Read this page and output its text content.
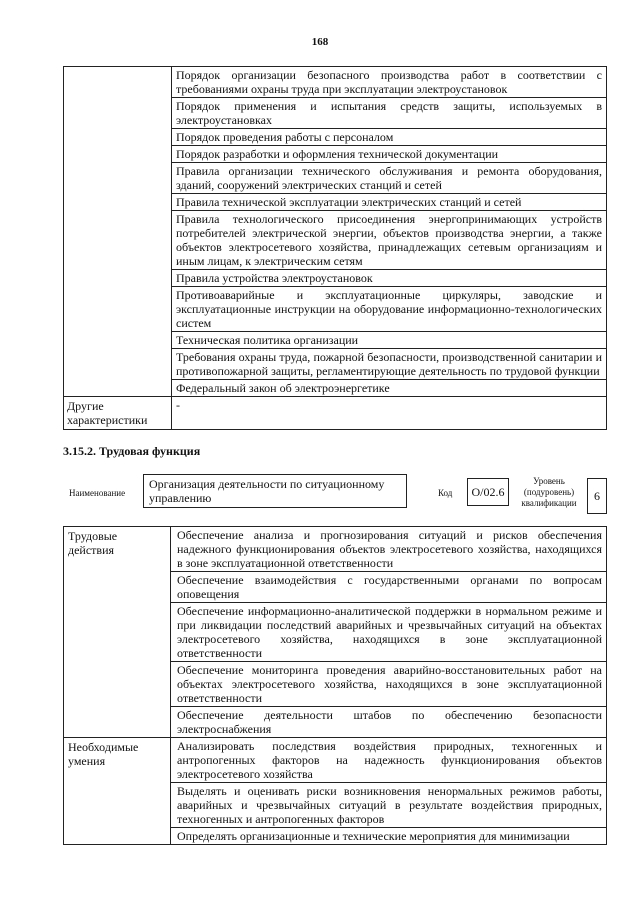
168
	Порядок организации безопасного производства работ в соответствии с требованиями охраны труда при эксплуатации электроустановок
	Порядок применения и испытания средств защиты, используемых в электроустановках
	Порядок проведения работы с персоналом
	Порядок разработки и оформления технической документации
	Правила организации технического обслуживания и ремонта оборудования, зданий, сооружений электрических станций и сетей
	Правила технической эксплуатации электрических станций и сетей
	Правила технологического присоединения энергопринимающих устройств потребителей электрической энергии, объектов производства энергии, а также объектов электросетевого хозяйства, принадлежащих сетевым организациям и иным лицам, к электрическим сетям
	Правила устройства электроустановок
	Противоаварийные и эксплуатационные циркуляры, заводские и эксплуатационные инструкции на оборудование информационно-технологических систем
	Техническая политика организации
	Требования охраны труда, пожарной безопасности, производственной санитарии и противопожарной защиты, регламентирующие деятельность по трудовой функции
	Федеральный закон об электроэнергетике
Другие характеристики	-
3.15.2. Трудовая функция
Наименование
Организация деятельности по ситуационному управлению	Код	O/02.6
Уровень (подуровень) квалификации	6
Трудовые действия	Обеспечение анализа и прогнозирования ситуаций и рисков обеспечения надежного функционирования объектов электросетевого хозяйства, находящихся в зоне эксплуатационной ответственности
	Обеспечение взаимодействия с государственными органами по вопросам оповещения
	Обеспечение информационно-аналитической поддержки в нормальном режиме и при ликвидации последствий аварийных и чрезвычайных ситуаций на объектах электросетевого хозяйства, находящихся в зоне эксплуатационной ответственности
	Обеспечение мониторинга проведения аварийно-восстановительных работ на объектах электросетевого хозяйства, находящихся в зоне эксплуатационной ответственности
	Обеспечение деятельности штабов по обеспечению безопасности электроснабжения
Необходимые умения	Анализировать последствия воздействия природных, техногенных и антропогенных факторов на надежность функционирования объектов электросетевого хозяйства
	Выделять и оценивать риски возникновения ненормальных режимов работы, аварийных и чрезвычайных ситуаций в результате воздействия природных, техногенных и антропогенных факторов
	Определять организационные и технические мероприятия для минимизации
